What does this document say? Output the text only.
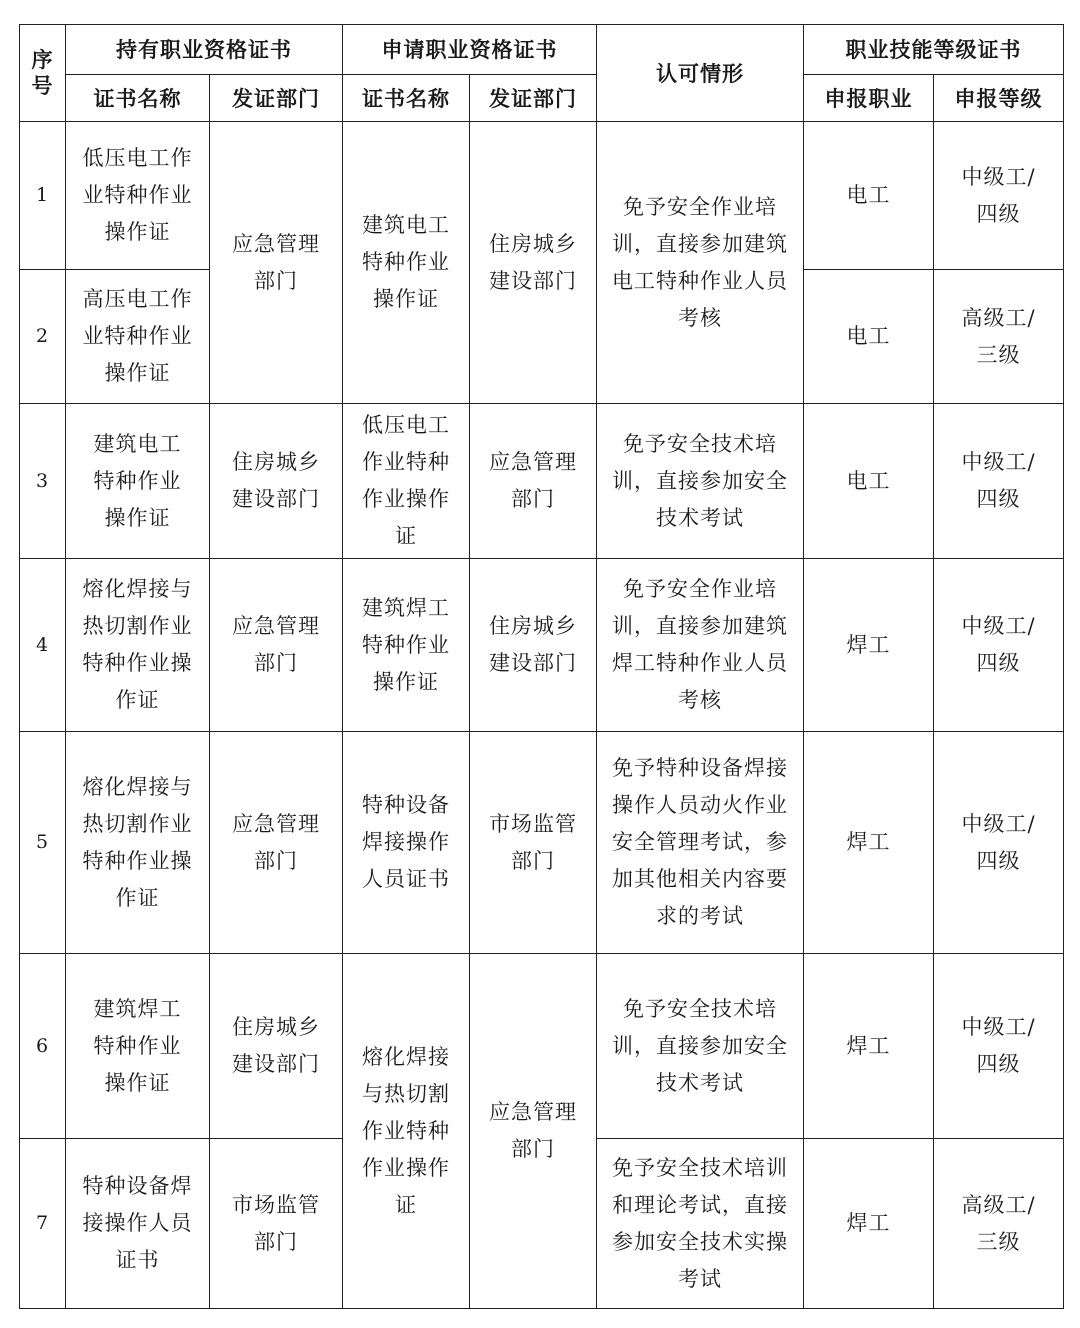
序号	持有职业资格证书		申请职业资格证书		认可情形	职业技能等级证书	
	证书名称	发证部门	证书名称	发证部门		申报职业	申报等级
1	低压电工作业特种作业操作证	应急管理部门	建筑电工特种作业操作证	住房城乡建设部门	免予安全作业培训，直接参加建筑电工特种作业人员考核	电工	中级工/四级
2	高压电工作业特种作业操作证					电工	高级工/三级
3	建筑电工特种作业操作证	住房城乡建设部门	低压电工作业特种作业操作证	应急管理部门	免予安全技术培训，直接参加安全技术考试	电工	中级工/四级
4	熔化焊接与热切割作业特种作业操作证	应急管理部门	建筑焊工特种作业操作证	住房城乡建设部门	免予安全作业培训，直接参加建筑焊工特种作业人员考核	焊工	中级工/四级
5	熔化焊接与热切割作业特种作业操作证	应急管理部门	特种设备焊接操作人员证书	市场监管部门	免予特种设备焊接操作人员动火作业安全管理考试，参加其他相关内容要求的考试	焊工	中级工/四级
6	建筑焊工特种作业操作证	住房城乡建设部门	熔化焊接与热切割作业特种作业操作证	应急管理部门	免予安全技术培训，直接参加安全技术考试	焊工	中级工/四级
7	特种设备焊接操作人员证书	市场监管部门			免予安全技术培训和理论考试，直接参加安全技术实操考试	焊工	高级工/三级
